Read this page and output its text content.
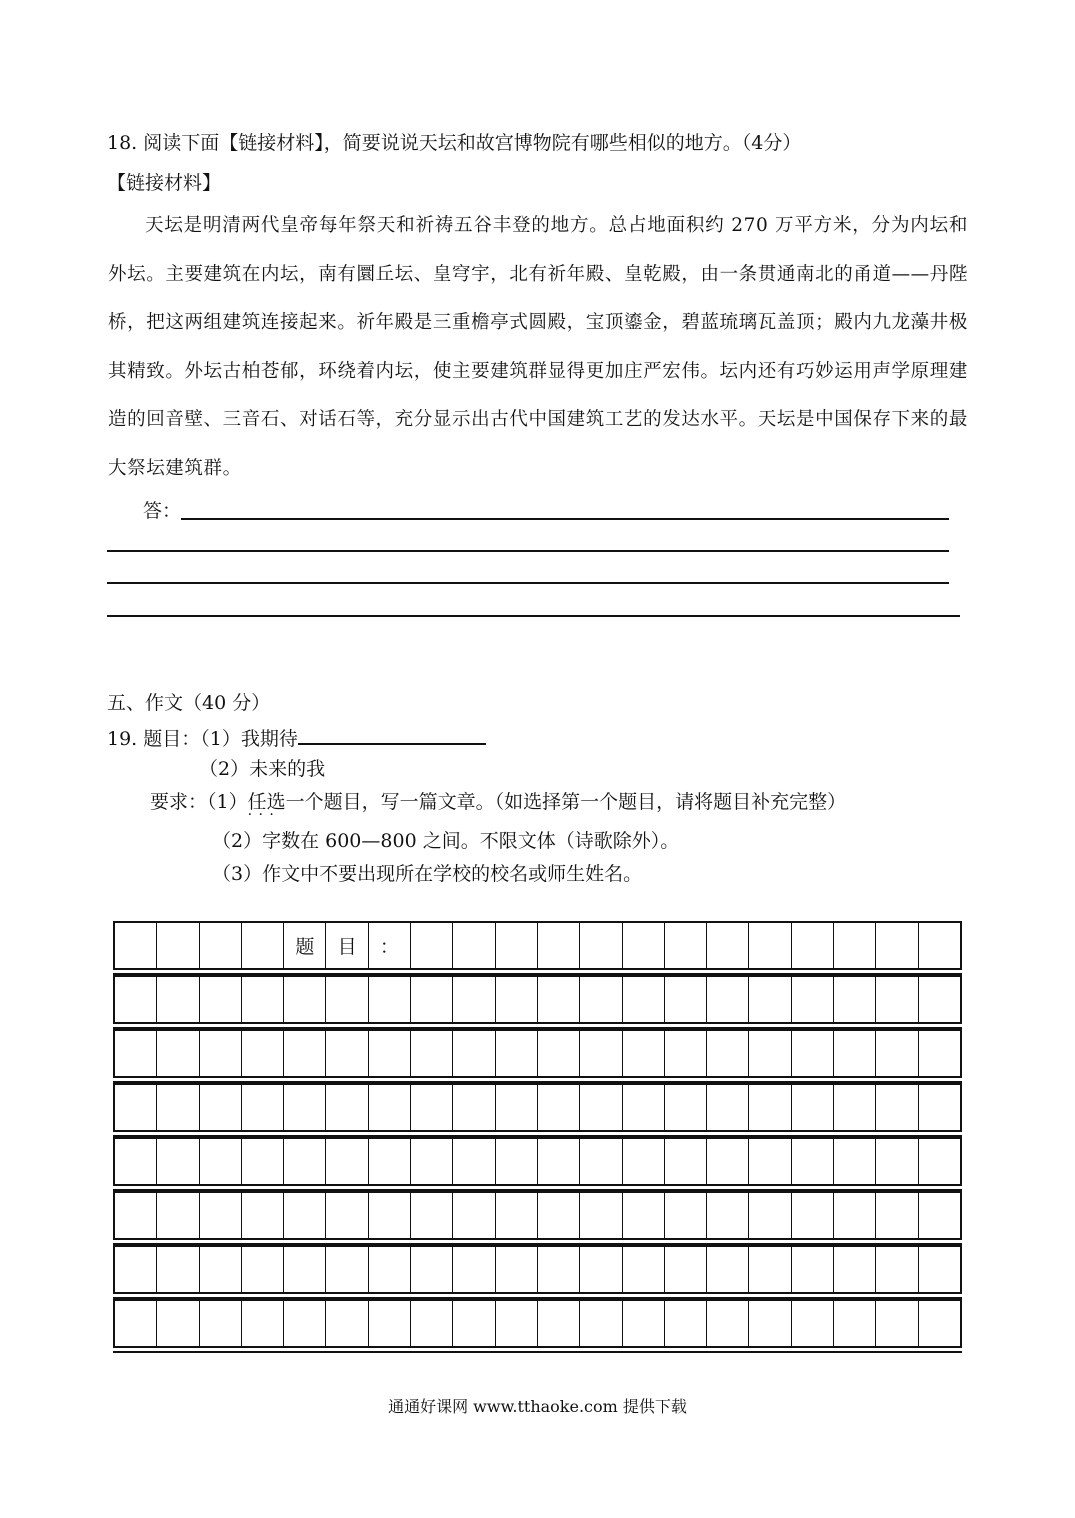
18. 阅读下面【链接材料】，简要说说天坛和故宫博物院有哪些相似的地方。（4分）
【链接材料】
天坛是明清两代皇帝每年祭天和祈祷五谷丰登的地方。总占地面积约 270 万平方米，分为内坛和外坛。主要建筑在内坛，南有圜丘坛、皇穹宇，北有祈年殿、皇乾殿，由一条贯通南北的甬道——丹陛桥，把这两组建筑连接起来。祈年殿是三重檐亭式圆殿，宝顶鎏金，碧蓝琉璃瓦盖顶；殿内九龙藻井极其精致。外坛古柏苍郁，环绕着内坛，使主要建筑群显得更加庄严宏伟。坛内还有巧妙运用声学原理建造的回音壁、三音石、对话石等，充分显示出古代中国建筑工艺的发达水平。天坛是中国保存下来的最大祭坛建筑群。
答：
五、作文（40 分）
19. 题目：（1）我期待
（2）未来的我
要求：（1）任选一个 · · ·题目，写一篇文章。（如选择第一个题目，请将题目补充完整）
（2）字数在 600—800 之间。不限文体（诗歌除外）。
（3）作文中不要出现所在学校的校名或师生姓名。
题	目	：
通通好课网 www.tthaoke.com 提供下载
